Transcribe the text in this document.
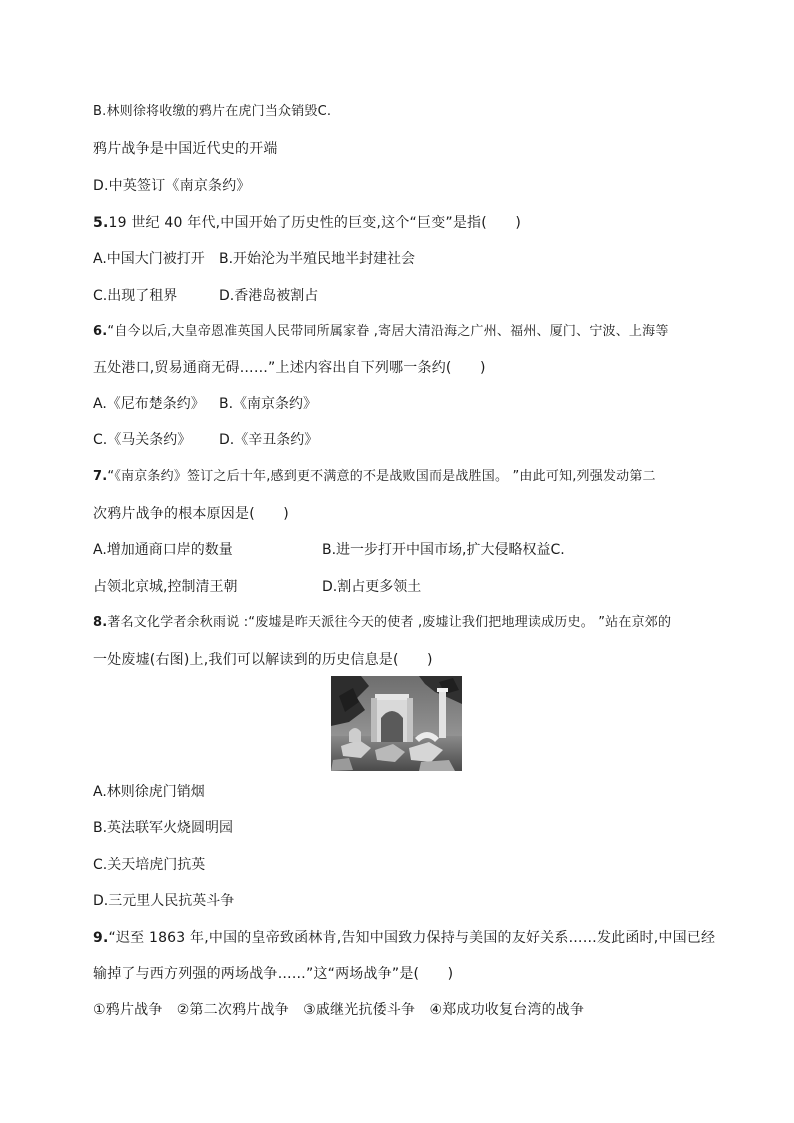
B.林则徐将收缴的鸦片在虎门当众销毁C.
鸦片战争是中国近代史的开端
D.中英签订《南京条约》
5.19 世纪 40 年代,中国开始了历史性的巨变,这个“巨变”是指(　　)
A.中国大门被打开 B.开始沦为半殖民地半封建社会
C.出现了租界	D.香港岛被割占
6.“自今以后,大皇帝恩准英国人民带同所属家眷 ,寄居大清沿海之广州、福州、厦门、宁波、上海等
五处港口,贸易通商无碍……”上述内容出自下列哪一条约(　　)
A.《尼布楚条约》 B.《南京条约》
C.《马关条约》 D.《辛丑条约》
7.“《南京条约》签订之后十年,感到更不满意的不是战败国而是战胜国。 ”由此可知,列强发动第二
次鸦片战争的根本原因是(　　)
A.增加通商口岸的数量	B.进一步打开中国市场,扩大侵略权益C.
占领北京城,控制清王朝	D.割占更多领土
8.著名文化学者余秋雨说 :“废墟是昨天派往今天的使者 ,废墟让我们把地理读成历史。 ”站在京郊的
一处废墟(右图)上,我们可以解读到的历史信息是(　　)
A.林则徐虎门销烟
B.英法联军火烧圆明园
C.关天培虎门抗英
D.三元里人民抗英斗争
9.“迟至 1863 年,中国的皇帝致函林肯,告知中国致力保持与美国的友好关系……发此函时,中国已经
输掉了与西方列强的两场战争……”这“两场战争”是(　　)
①鸦片战争　②第二次鸦片战争　③戚继光抗倭斗争　④郑成功收复台湾的战争
